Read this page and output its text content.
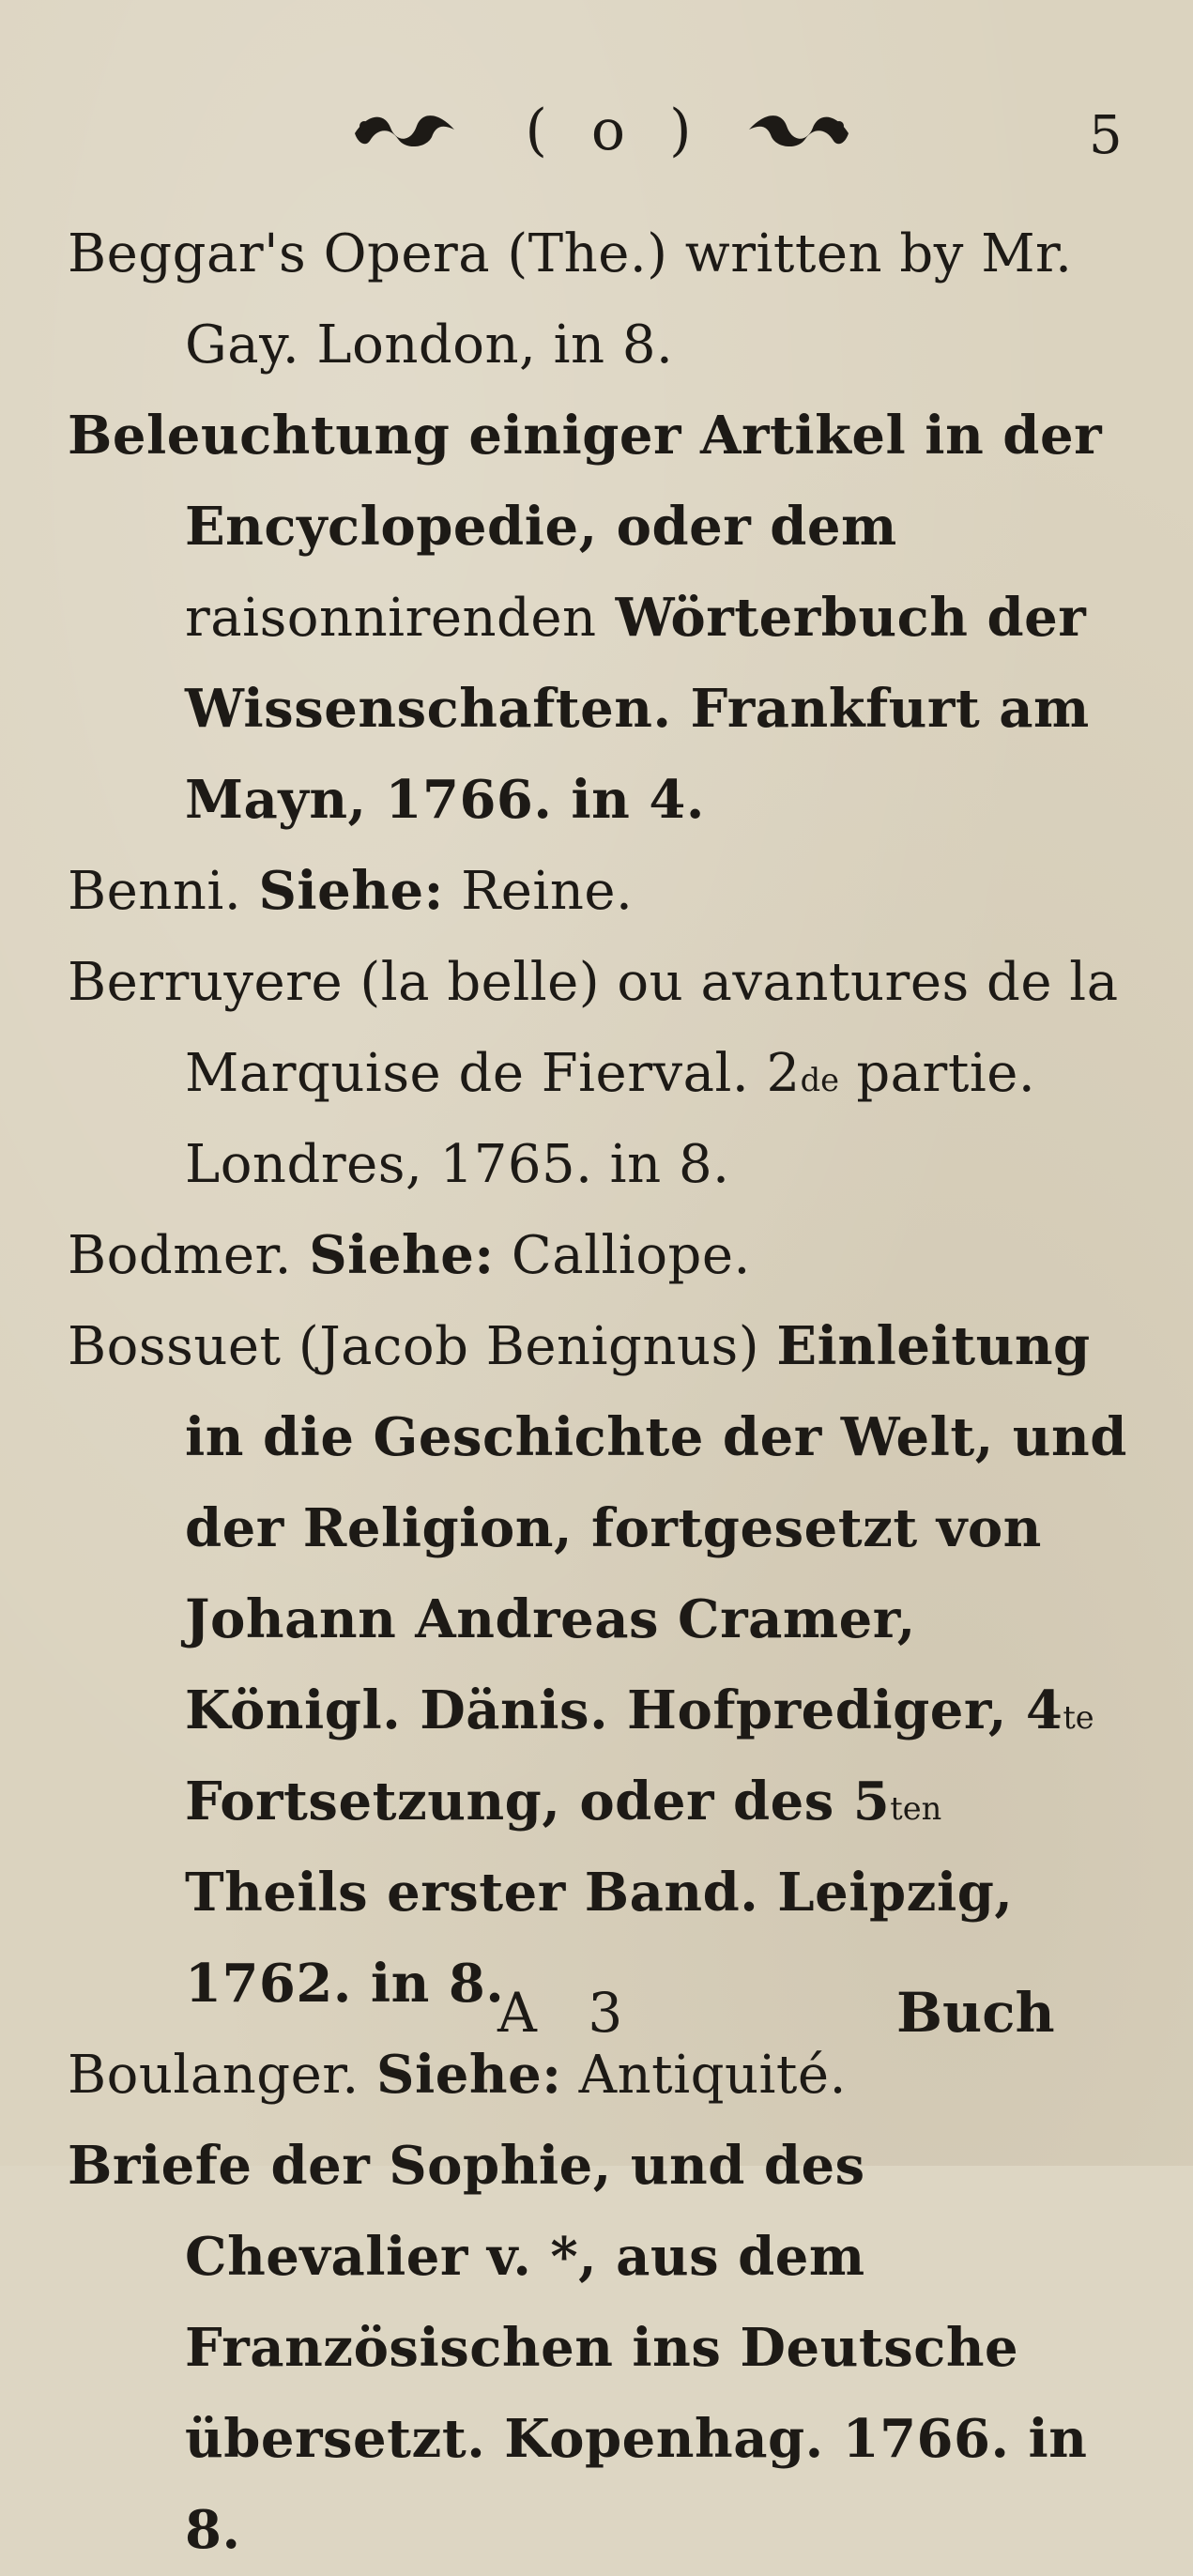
( o )	5
Beggar's Opera (The.) written by Mr. Gay. London, in 8.
Beleuchtung einiger Artikel in der Encyclopedie, oder dem raisonnirenden Wörterbuch der Wissenschaften. Frankfurt am Mayn, 1766. in 4.
Benni. Siehe: Reine.
Berruyere (la belle) ou avantures de la Marquise de Fierval. 2de partie. Londres, 1765. in 8.
Bodmer. Siehe: Calliope.
Bossuet (Jacob Benignus) Einleitung in die Geschichte der Welt, und der Religion, fortgesetzt von Johann Andreas Cramer, Königl. Dänis. Hofprediger, $4^{te}$ Fortsetzung, oder des $5^{ten}$ Theils erster Band. Leipzig, 1762. in 8.
Boulanger. Siehe: Antiquité.
Briefe der Sophie, und des Chevalier v. *, aus dem Französischen ins Deutsche übersetzt. Kopenhag. 1766. in 8.
A 3	Buch
